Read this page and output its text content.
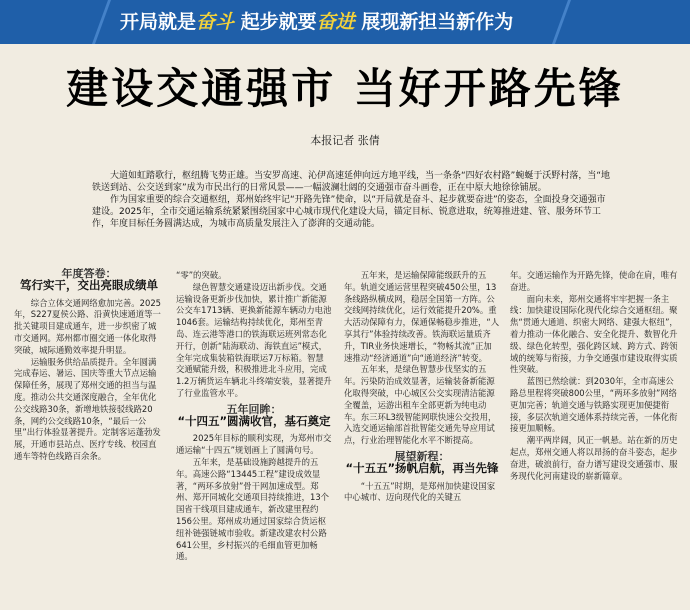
开局就是奋斗 起步就要奋进 展现新担当新作为
建设交通强市 当好开路先锋
本报记者 张倩

大道如虹踏歌行，枢纽腾飞势正雄。当安罗高速、沁伊高速延伸向远方地平线，当一条条“四好农村路”蜿蜒于沃野村落，当“地铁送到站、公交送到家”成为市民出行的日常风景——一幅波澜壮阔的交通强市奋斗画卷，正在中原大地徐徐铺展。

作为国家重要的综合交通枢纽，郑州始终牢记“开路先锋”使命，以“开局就是奋斗、起步就要奋进”的姿态，全面投身交通强市建设。2025年，全市交通运输系统紧紧围绕国家中心城市现代化建设大局，锚定目标、锐意进取，统筹推进建、管、服务环节工作，年度目标任务圆满达成，为城市高质量发展注入了澎湃的交通动能。

年度答卷：
笃行实干，交出亮眼成绩单

综合立体交通网络愈加完善。2025年，S227夏侯公路、沿黄快速通道等一批关键项目建成通车，进一步织密了城市交通网。郑州都市圈交通一体化取得突破，城际通勤效率提升明显。

运输服务供给品质提升。全年圆满完成春运、暑运、国庆等重大节点运输保障任务，展现了郑州交通的担当与温度。推动公共交通深度融合，全年优化公交线路30条，新增地铁接驳线路20条，网约公交线路10条，“最后一公里”出行体验显著提升。定制客运蓬勃发展，开通市县站点、医疗专线、校园直通车等特色线路百余条。

“零”的突破。

绿色智慧交通建设迈出新步伐。交通运输设备更新步伐加快，累计推广新能源公交车1713辆、更换新能源车辆动力电池1046套。运输结构持续优化，郑州至青岛、连云港等港口的铁海联运班列常态化开行，创新“陆海联动、海铁直运”模式，全年完成集装箱铁海联运7万标箱。智慧交通赋能升级，积极推进北斗应用，完成1.2万辆货运车辆北斗终端安装，显著提升了行业监管水平。

五年回眸：
“十四五”圆满收官，基石奠定

2025年目标的顺利实现，为郑州市交通运输“十四五”规划画上了圆满句号。

五年来，是基础设施跨越提升的五年。高速公路“13445工程”建设成效显著，“两环多放射”骨干网加速成型。郑州、郑开同城化交通项目持续推进，13个国省干线项目建成通车，新改建里程约156公里。郑州成功通过国家综合货运枢纽补链强链城市验收。新建改建农村公路641公里，乡村振兴的毛细血管更加畅通。

五年来，是运输保障能级跃升的五年。轨道交通运营里程突破450公里，13条线路纵横成网，稳居全国第一方阵。公交线网持续优化，运行效能提升20%。重大活动保障有力，保通保畅稳步推进，“人享其行”体验持续改善。铁海联运量质齐升，TIR业务快速增长，“物畅其流”正加速推动“经济通道”向“通道经济”转变。

五年来，是绿色智慧步伐坚实的五年。污染防治成效显著，运输装备新能源化取得突破，中心城区公交实现清洁能源全覆盖，运游出租车全部更新为纯电动车。东三环L3级智能网联快速公交投用，入选交通运输部首批智能交通先导应用试点，行业治理智能化水平不断提高。

展望新程：
“十五五”扬帆启航，再当先锋

“十五五”时期，是郑州加快建设国家中心城市、迈向现代化的关键五

年。交通运输作为开路先锋，使命在肩，唯有奋进。

面向未来，郑州交通将牢牢把握一条主线：加快建设国际化现代化综合交通枢纽。聚焦“贯通大通道、织密大网络、建强大枢纽”，着力推动一体化融合、安全化提升、数智化升级、绿色化转型，强化跨区域、跨方式、跨领域的统筹与衔接，力争交通强市建设取得实质性突破。

蓝图已然绘就：到2030年，全市高速公路总里程将突破800公里，“两环多放射”网络更加完善；轨道交通与铁路实现更加便捷衔接，多层次轨道交通体系持续完善，一体化衔接更加顺畅。

潮平两岸阔，风正一帆悬。站在新的历史起点，郑州交通人将以昂扬的奋斗姿态，起步奋进，破浪前行，奋力谱写建设交通强市、服务现代化河南建设的崭新篇章。
